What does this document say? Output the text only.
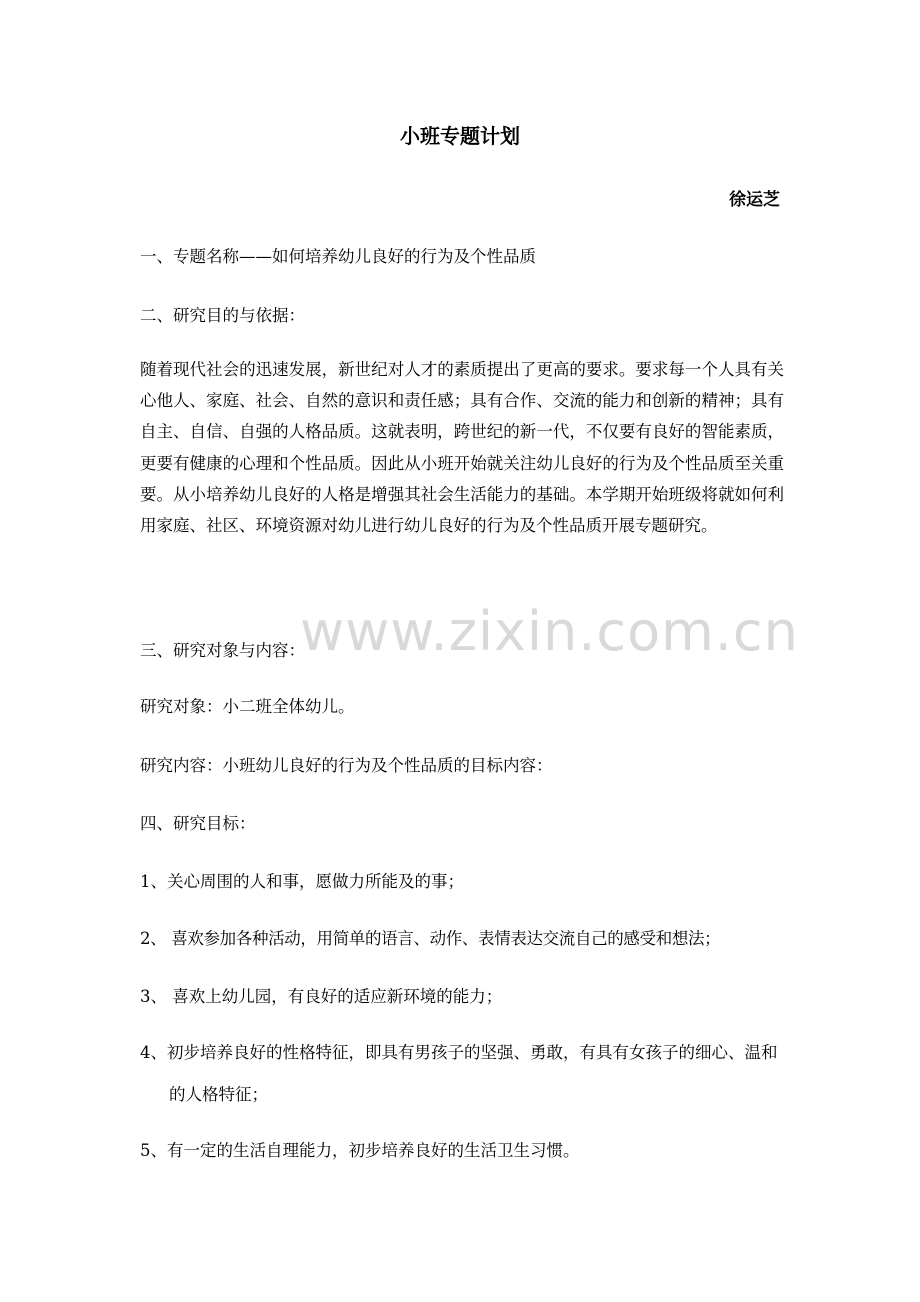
小班专题计划
徐运芝
一、专题名称——如何培养幼儿良好的行为及个性品质
二、研究目的与依据：
随着现代社会的迅速发展，新世纪对人才的素质提出了更高的要求。要求每一个人具有关心他人、家庭、社会、自然的意识和责任感；具有合作、交流的能力和创新的精神；具有自主、自信、自强的人格品质。这就表明，跨世纪的新一代，不仅要有良好的智能素质，更要有健康的心理和个性品质。因此从小班开始就关注幼儿良好的行为及个性品质至关重要。从小培养幼儿良好的人格是增强其社会生活能力的基础。本学期开始班级将就如何利用家庭、社区、环境资源对幼儿进行幼儿良好的行为及个性品质开展专题研究。
三、研究对象与内容：
研究对象：小二班全体幼儿。
研究内容：小班幼儿良好的行为及个性品质的目标内容：
四、研究目标：
1、关心周围的人和事，愿做力所能及的事；
2、 喜欢参加各种活动，用简单的语言、动作、表情表达交流自己的感受和想法；
3、 喜欢上幼儿园，有良好的适应新环境的能力；
4、初步培养良好的性格特征，即具有男孩子的坚强、勇敢，有具有女孩子的细心、温和的人格特征；
5、有一定的生活自理能力，初步培养良好的生活卫生习惯。
www.zixin.com.cn
